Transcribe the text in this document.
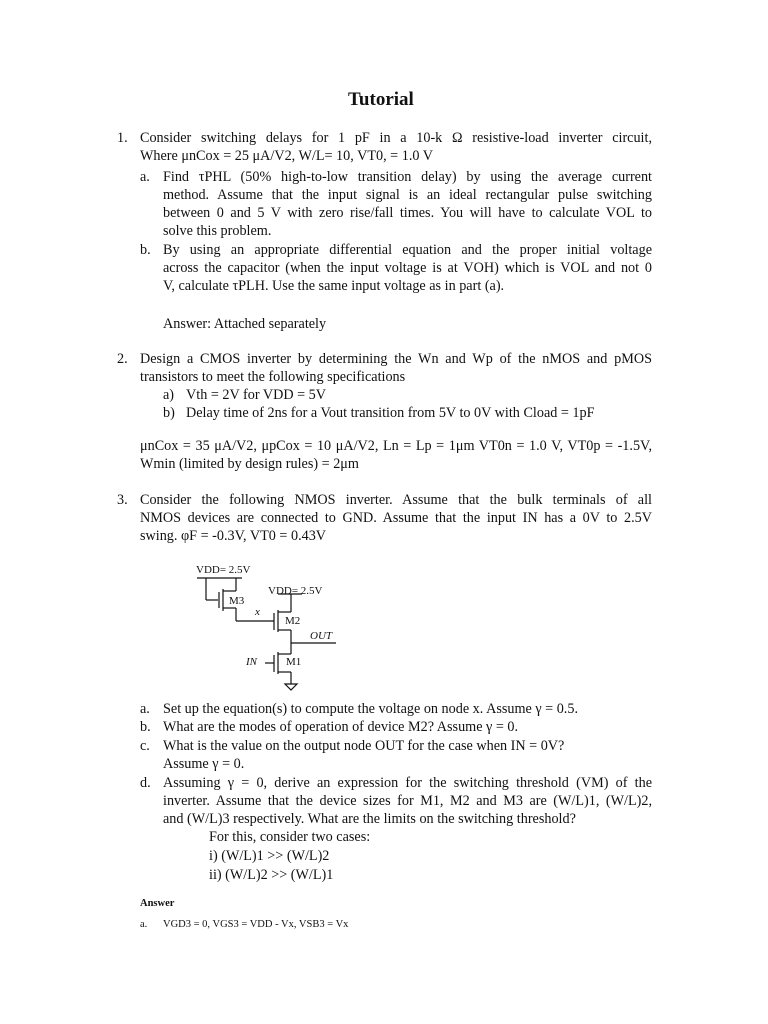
Tutorial
1. Consider switching delays for 1 pF in a 10-k Ω resistive-load inverter circuit,
Where μnCox = 25 μA/V2, W/L= 10, VT0, = 1.0 V
a. Find τPHL (50% high-to-low transition delay) by using the average current
method. Assume that the input signal is an ideal rectangular pulse switching
between 0 and 5 V with zero rise/fall times. You will have to calculate VOL to
solve this problem.
b. By using an appropriate differential equation and the proper initial voltage
across the capacitor (when the input voltage is at VOH) which is VOL and not 0
V, calculate τPLH. Use the same input voltage as in part (a).
Answer: Attached separately
2. Design a CMOS inverter by determining the Wn and Wp of the nMOS and pMOS
transistors to meet the following specifications
a) Vth = 2V for VDD = 5V
b) Delay time of 2ns for a Vout transition from 5V to 0V with Cload = 1pF
μnCox = 35 μA/V2, μpCox = 10 μA/V2, Ln = Lp = 1μm VT0n = 1.0 V, VT0p = -1.5V,
Wmin (limited by design rules) = 2μm
3. Consider the following NMOS inverter. Assume that the bulk terminals of all
NMOS devices are connected to GND. Assume that the input IN has a 0V to 2.5V
swing. φF = -0.3V, VT0 = 0.43V
VDD= 2.5V
VDD= 2.5V
M3
x
M2
OUT
IN	M1
a. Set up the equation(s) to compute the voltage on node x. Assume γ = 0.5.
b. What are the modes of operation of device M2? Assume γ = 0.
c. What is the value on the output node OUT for the case when IN = 0V?
Assume γ = 0.
d. Assuming γ = 0, derive an expression for the switching threshold (VM) of the
inverter. Assume that the device sizes for M1, M2 and M3 are (W/L)1, (W/L)2,
and (W/L)3 respectively. What are the limits on the switching threshold?
For this, consider two cases:
i) (W/L)1 >> (W/L)2
ii) (W/L)2 >> (W/L)1
Answer
a. VGD3 = 0, VGS3 = VDD - Vx, VSB3 = Vx
